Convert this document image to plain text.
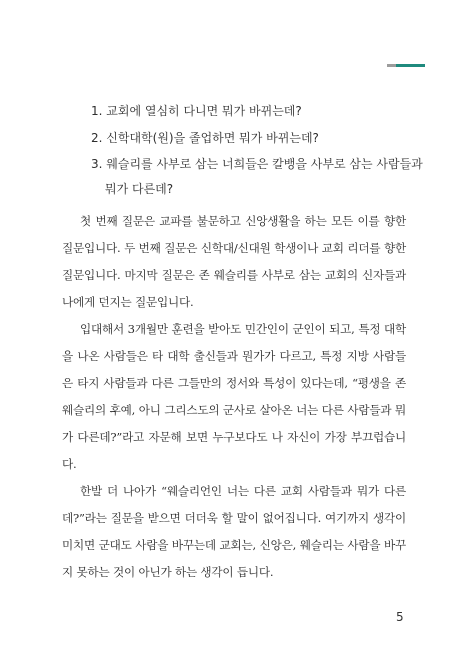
1. 교회에 열심히 다니면 뭐가 바뀌는데?
2. 신학대학(원)을 졸업하면 뭐가 바뀌는데?
3. 웨슬리를 사부로 삼는 너희들은 칼뱅을 사부로 삼는 사람들과
뭐가 다른데?

첫 번째 질문은 교파를 불문하고 신앙생활을 하는 모든 이를 향한 질문입니다. 두 번째 질문은 신학대/신대원 학생이나 교회 리더를 향한 질문입니다. 마지막 질문은 존 웨슬리를 사부로 삼는 교회의 신자들과 나에게 던지는 질문입니다.

입대해서 3개월만 훈련을 받아도 민간인이 군인이 되고, 특정 대학을 나온 사람들은 타 대학 출신들과 뭔가가 다르고, 특정 지방 사람들은 타지 사람들과 다른 그들만의 정서와 특성이 있다는데, “평생을 존 웨슬리의 후예, 아니 그리스도의 군사로 살아온 너는 다른 사람들과 뭐가 다른데?”라고 자문해 보면 누구보다도 나 자신이 가장 부끄럽습니다.

한발 더 나아가 “웨슬리언인 너는 다른 교회 사람들과 뭐가 다른데?”라는 질문을 받으면 더더욱 할 말이 없어집니다. 여기까지 생각이 미치면 군대도 사람을 바꾸는데 교회는, 신앙은, 웨슬리는 사람을 바꾸지 못하는 것이 아닌가 하는 생각이 듭니다.

5
